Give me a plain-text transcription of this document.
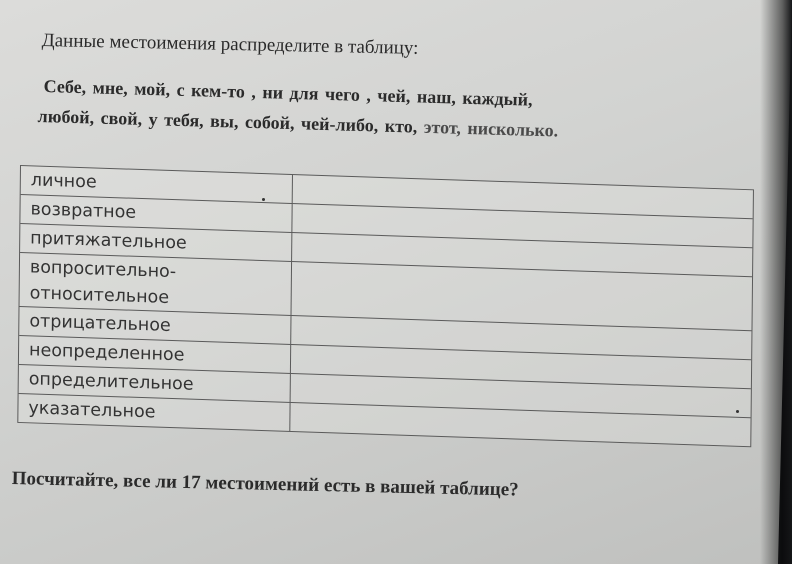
Данные местоимения распределите в таблицу:
Себе, мне, мой, с кем-то , ни для чего , чей, наш, каждый,
любой, свой, у тебя, вы, собой, чей-либо, кто, этот, нисколько.
личное
возвратное
притяжательное
вопросительно-
относительное
отрицательное
неопределенное
определительное
указательное
Посчитайте, все ли 17 местоимений есть в вашей таблице?
